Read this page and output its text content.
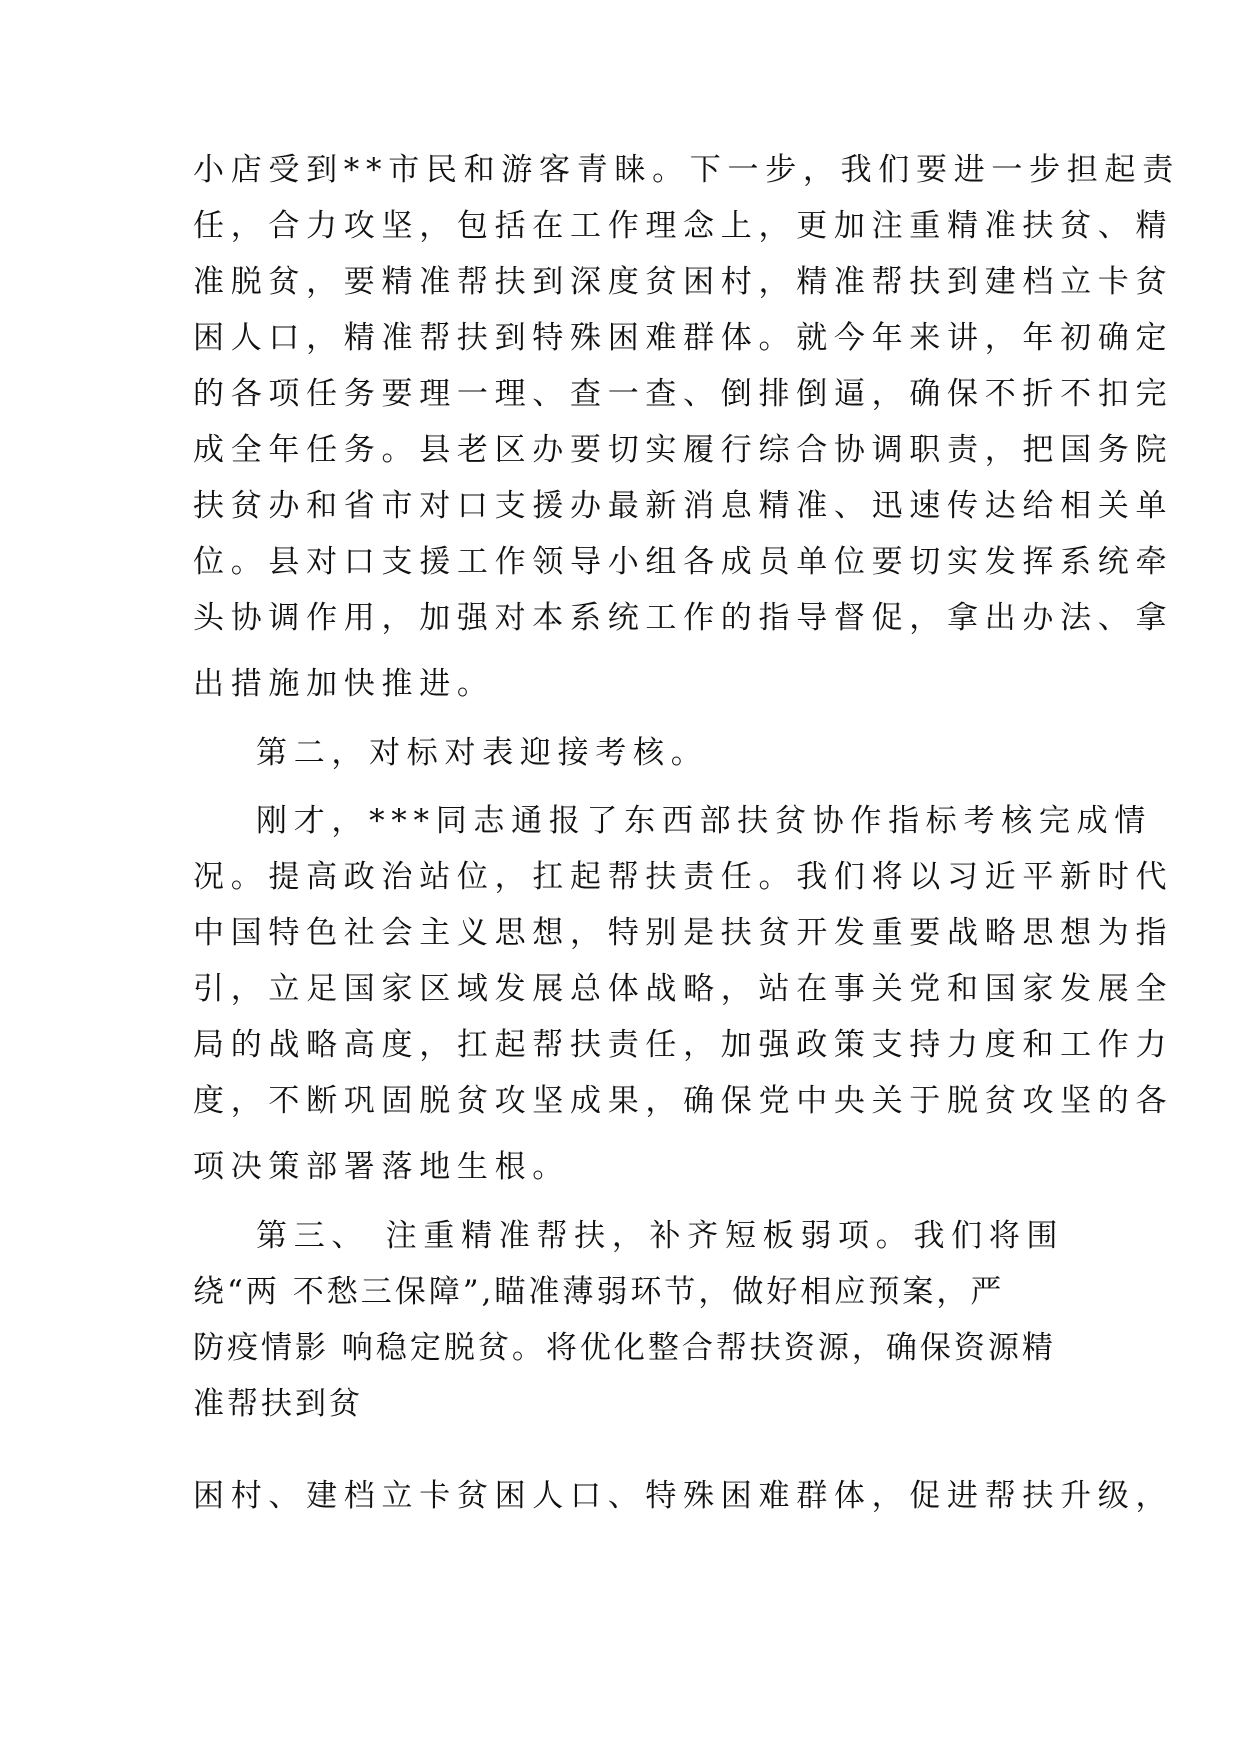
小店受到**市民和游客青睐。下一步，我们要进一步担起责
任，合力攻坚，包括在工作理念上，更加注重精准扶贫、精
准脱贫，要精准帮扶到深度贫困村，精准帮扶到建档立卡贫
困人口，精准帮扶到特殊困难群体。就今年来讲，年初确定
的各项任务要理一理、查一查、倒排倒逼，确保不折不扣完
成全年任务。县老区办要切实履行综合协调职责，把国务院
扶贫办和省市对口支援办最新消息精准、迅速传达给相关单
位。县对口支援工作领导小组各成员单位要切实发挥系统牵
头协调作用，加强对本系统工作的指导督促，拿出办法、拿
出措施加快推进。
第二，对标对表迎接考核。
刚才，***同志通报了东西部扶贫协作指标考核完成情
况。提高政治站位，扛起帮扶责任。我们将以习近平新时代
中国特色社会主义思想，特别是扶贫开发重要战略思想为指
引，立足国家区域发展总体战略，站在事关党和国家发展全
局的战略高度，扛起帮扶责任，加强政策支持力度和工作力
度，不断巩固脱贫攻坚成果，确保党中央关于脱贫攻坚的各
项决策部署落地生根。
第三、 注重精准帮扶，补齐短板弱项。我们将围
绕“两 不愁三保障”,瞄准薄弱环节，做好相应预案，严
防疫情影 响稳定脱贫。将优化整合帮扶资源，确保资源精
准帮扶到贫
困村、建档立卡贫困人口、特殊困难群体，促进帮扶升级，
